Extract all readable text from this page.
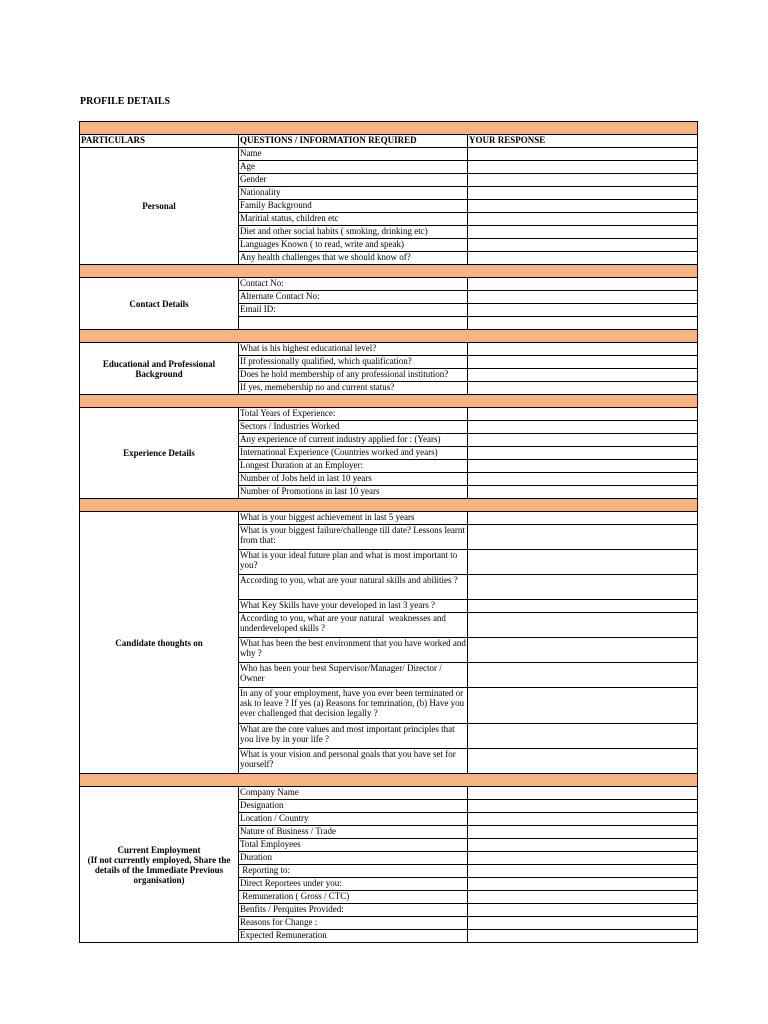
PROFILE DETAILS

PARTICULARS	QUESTIONS / INFORMATION REQUIRED	YOUR RESPONSE
Personal	Name	
	Age	
	Gender	
	Nationality	
	Family Background	
	Maritial status, children etc	
	Diet and other social habits ( smoking, drinking etc)	
	Languages Known ( to read, write and speak)	
	Any health challenges that we should know of?	

Contact Details	Contact No:	
	Alternate Contact No:	
	Email ID:	

Educational and Professional Background	What is his highest educational level?	
	If professionally qualified, which qualification?	
	Does he hold membership of any professional institution?	
	If yes, memebership no and current status?	

Experience Details	Total Years of Experience:	
	Sectors / Industries Worked	
	Any experience of current industry applied for : (Years)	
	International Experience (Countries worked and years)	
	Longest Duration at an Employer:	
	Number of Jobs held in last 10 years	
	Number of Promotions in last 10 years	

Candidate thoughts on	What is your biggest achievement in last 5 years	
	What is your biggest failure/challenge till date? Lessons learnt from that:	
	What is your ideal future plan and what is most important to you?	
	According to you, what are your natural skills and abilities ?	
	What Key Skills have your developed in last 3 years ?	
	According to you, what are your natural  weaknesses and underdeveloped skills ?	
	What has been the best environment that you have worked and why ?	
	Who has been your best Supervisor/Manager/ Director / Owner	
	In any of your employment, have you ever been terminated or ask to leave ? If yes (a) Reasons for temrination, (b) Have you ever challenged that decision legally ?	
	What are the core values and most important principles that you live by in your life ?	
	What is your vision and personal goals that you have set for yourself?	

Current Employment
(If not currently employed, Share the details of the Immediate Previous organisation)	Company Name	
	Designation	
	Location / Country	
	Nature of Business / Trade	
	Total Employees	
	Duration	
	Reporting to:	
	Direct Reportees under you:	
	Remuneration ( Gross / CTC)	
	Benfits / Perquites Provided:	
	Reasons for Change :	
	Expected Remuneration	
